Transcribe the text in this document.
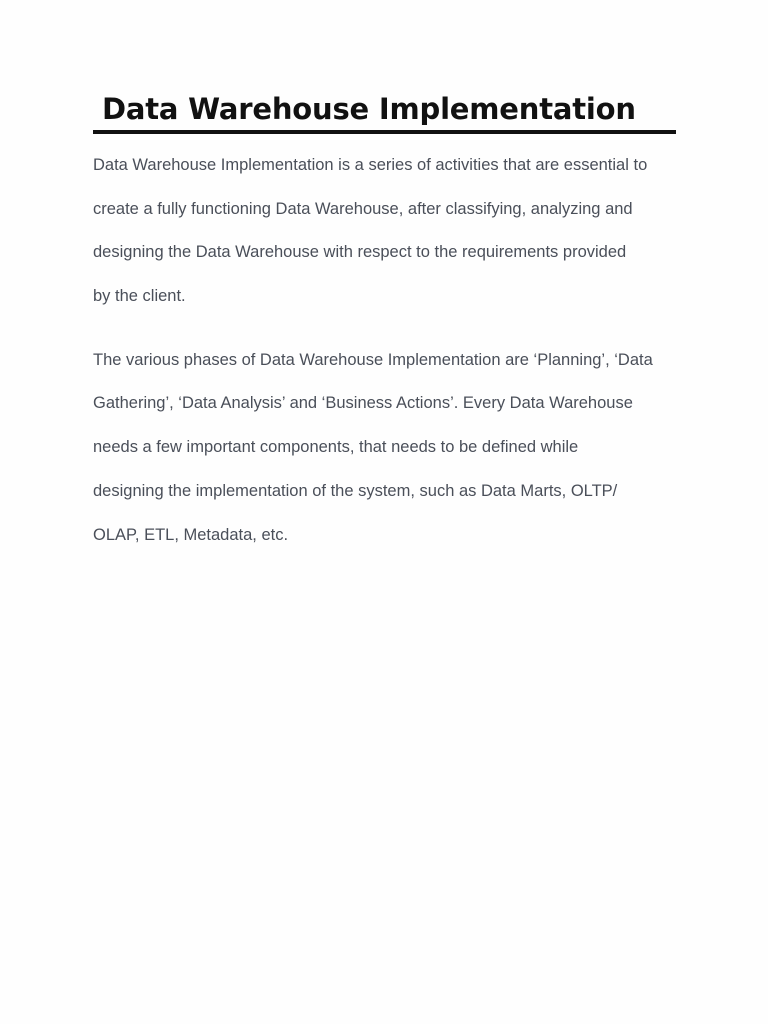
Data Warehouse Implementation

Data Warehouse Implementation is a series of activities that are essential to
create a fully functioning Data Warehouse, after classifying, analyzing and
designing the Data Warehouse with respect to the requirements provided
by the client.

The various phases of Data Warehouse Implementation are ‘Planning’, ‘Data
Gathering’, ‘Data Analysis’ and ‘Business Actions’. Every Data Warehouse
needs a few important components, that needs to be defined while
designing the implementation of the system, such as Data Marts, OLTP/
OLAP, ETL, Metadata, etc.
